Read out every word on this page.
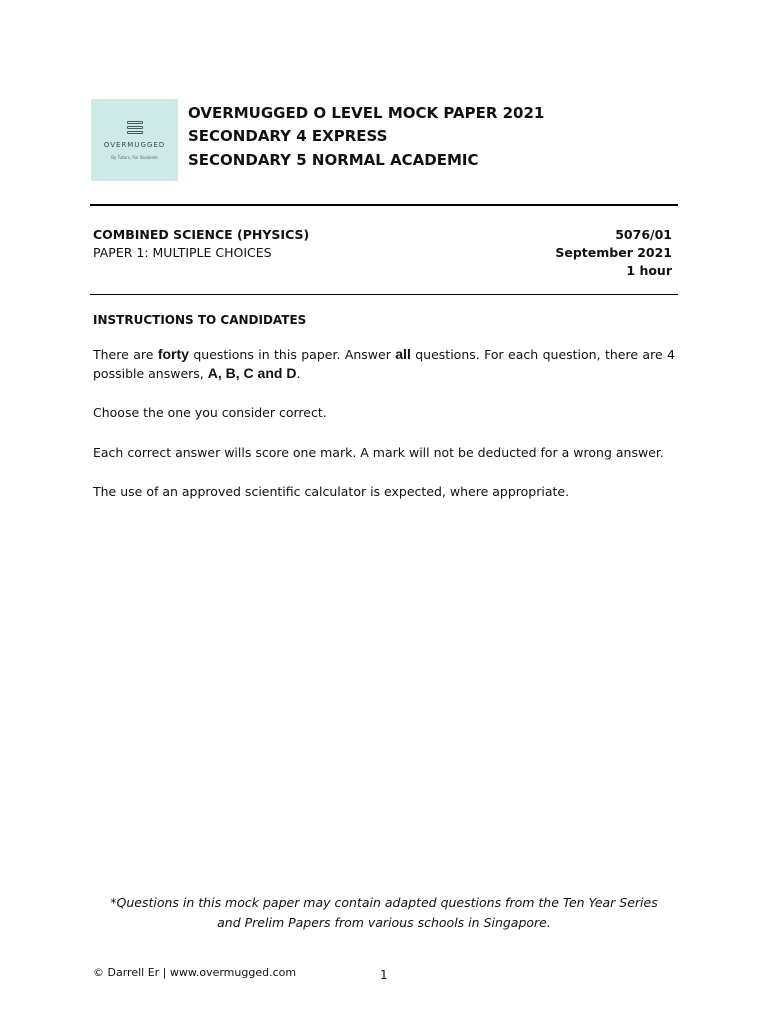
OVERMUGGED
By Tutors, For Students
OVERMUGGED O LEVEL MOCK PAPER 2021
SECONDARY 4 EXPRESS
SECONDARY 5 NORMAL ACADEMIC
COMBINED SCIENCE (PHYSICS)	5076/01
PAPER 1: MULTIPLE CHOICES	September 2021
1 hour
INSTRUCTIONS TO CANDIDATES
There are forty questions in this paper. Answer all questions. For each question, there are 4 possible answers, A, B, C and D.
Choose the one you consider correct.
Each correct answer wills score one mark. A mark will not be deducted for a wrong answer.
The use of an approved scientific calculator is expected, where appropriate.
*Questions in this mock paper may contain adapted questions from the Ten Year Series
and Prelim Papers from various schools in Singapore.
© Darrell Er | www.overmugged.com	1
